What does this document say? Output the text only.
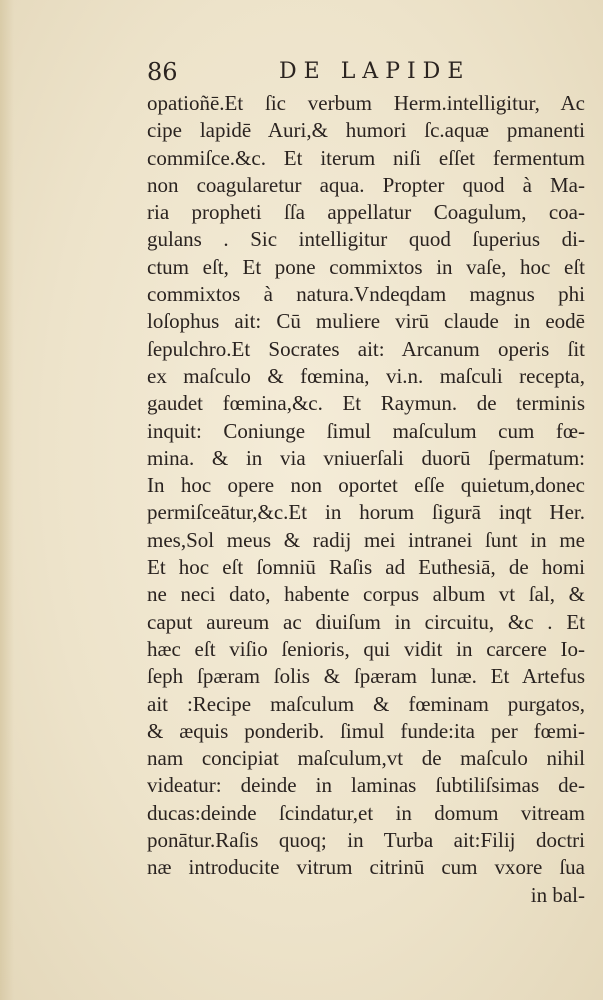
86	DE LAPIDE
opatioñē.Et ſic verbum Herm.intelligitur, Ac
cipe lapidē Auri,& humori ſc.aquæ pmanenti
commiſce.&c. Et iterum niſi eſſet fermentum
non coagularetur aqua. Propter quod à Ma-
ria propheti ſſa appellatur Coagulum, coa-
gulans . Sic intelligitur quod ſuperius di-
ctum eſt, Et pone commixtos in vaſe, hoc eſt
commixtos à natura.Vndeqdam magnus phi
loſophus ait: Cū muliere virū claude in eodē
ſepulchro.Et Socrates ait: Arcanum operis ſit
ex maſculo & fœmina, vi.n. maſculi recepta,
gaudet fœmina,&c. Et Raymun. de terminis
inquit: Coniunge ſimul maſculum cum fœ-
mina. & in via vniuerſali duorū ſpermatum:
In hoc opere non oportet eſſe quietum,donec
permiſceātur,&c.Et in horum ſigurā inqt Her.
mes,Sol meus & radij mei intranei ſunt in me
Et hoc eſt ſomniū Raſis ad Euthesiā, de homi
ne neci dato, habente corpus album vt ſal, &
caput aureum ac diuiſum in circuitu, &c . Et
hæc eſt viſio ſenioris, qui vidit in carcere Io-
ſeph ſpæram ſolis & ſpæram lunæ. Et Artefus
ait :Recipe maſculum & fœminam purgatos,
& æquis ponderib. ſimul funde:ita per fœmi-
nam concipiat maſculum,vt de maſculo nihil
videatur: deinde in laminas ſubtiliſsimas de-
ducas:deinde ſcindatur,et in domum vitream
ponātur.Raſis quoq; in Turba ait:Filij doctri
næ introducite vitrum citrinū cum vxore ſua
in bal-
